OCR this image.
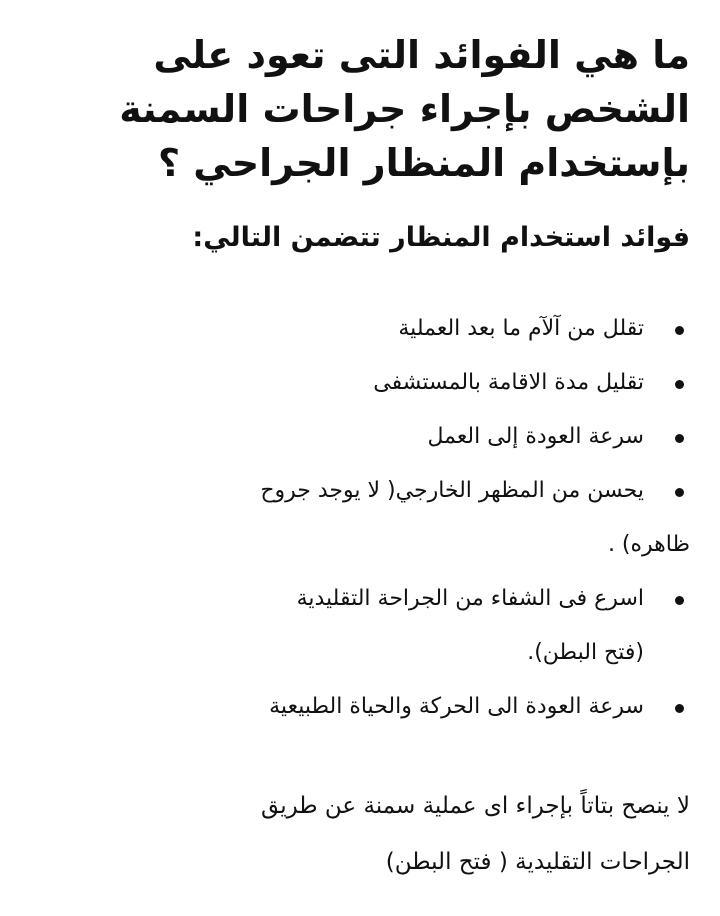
ما هي الفوائد التى تعود على
الشخص بإجراء جراحات السمنة
بإستخدام المنظار الجراحي ؟
فوائد استخدام المنظار تتضمن التالي:
تقلل من آلآم ما بعد العملية
تقليل مدة الاقامة بالمستشفى
سرعة العودة إلى العمل
يحسن من المظهر الخارجي( لا يوجد جروح
ظاهره) .
اسرع فى الشفاء من الجراحة التقليدية
(فتح البطن).
سرعة العودة الى الحركة والحياة الطبيعية

لا ينصح بتاتاً بإجراء اى عملية سمنة عن طريق
الجراحات التقليدية ( فتح البطن)
